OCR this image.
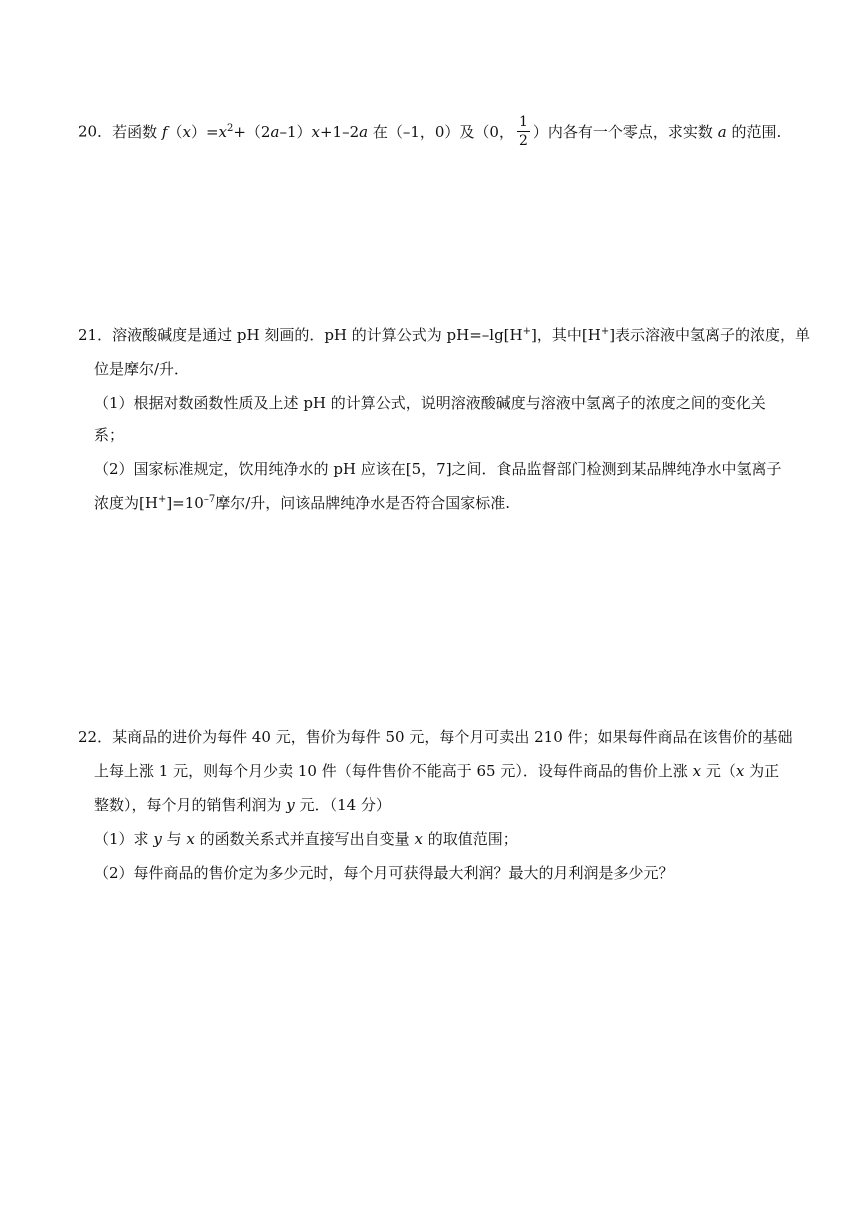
20．若函数 $f(x)=x^2+(2a-1)x+1-2a$ 在（–1，0）及（0， $\frac{1}{2}$ ）内各有一个零点，求实数 a 的范围.
21．溶液酸碱度是通过 pH 刻画的．pH 的计算公式为 pH=–lg[H+]，其中[H+]表示溶液中氢离子的浓度，单
位是摩尔/升．
（1）根据对数函数性质及上述 pH 的计算公式，说明溶液酸碱度与溶液中氢离子的浓度之间的变化关
系；
（2）国家标准规定，饮用纯净水的 pH 应该在[5，7]之间．食品监督部门检测到某品牌纯净水中氢离子
浓度为$[H^+]=10^{-7}$摩尔/升，问该品牌纯净水是否符合国家标准.
22．某商品的进价为每件 40 元，售价为每件 50 元，每个月可卖出 210 件；如果每件商品在该售价的基础
上每上涨 1 元，则每个月少卖 10 件（每件售价不能高于 65 元）．设每件商品的售价上涨 x 元（x 为正
整数），每个月的销售利润为 y 元．（14 分）
（1）求 y 与 x 的函数关系式并直接写出自变量 x 的取值范围；
（2）每件商品的售价定为多少元时，每个月可获得最大利润？最大的月利润是多少元？
